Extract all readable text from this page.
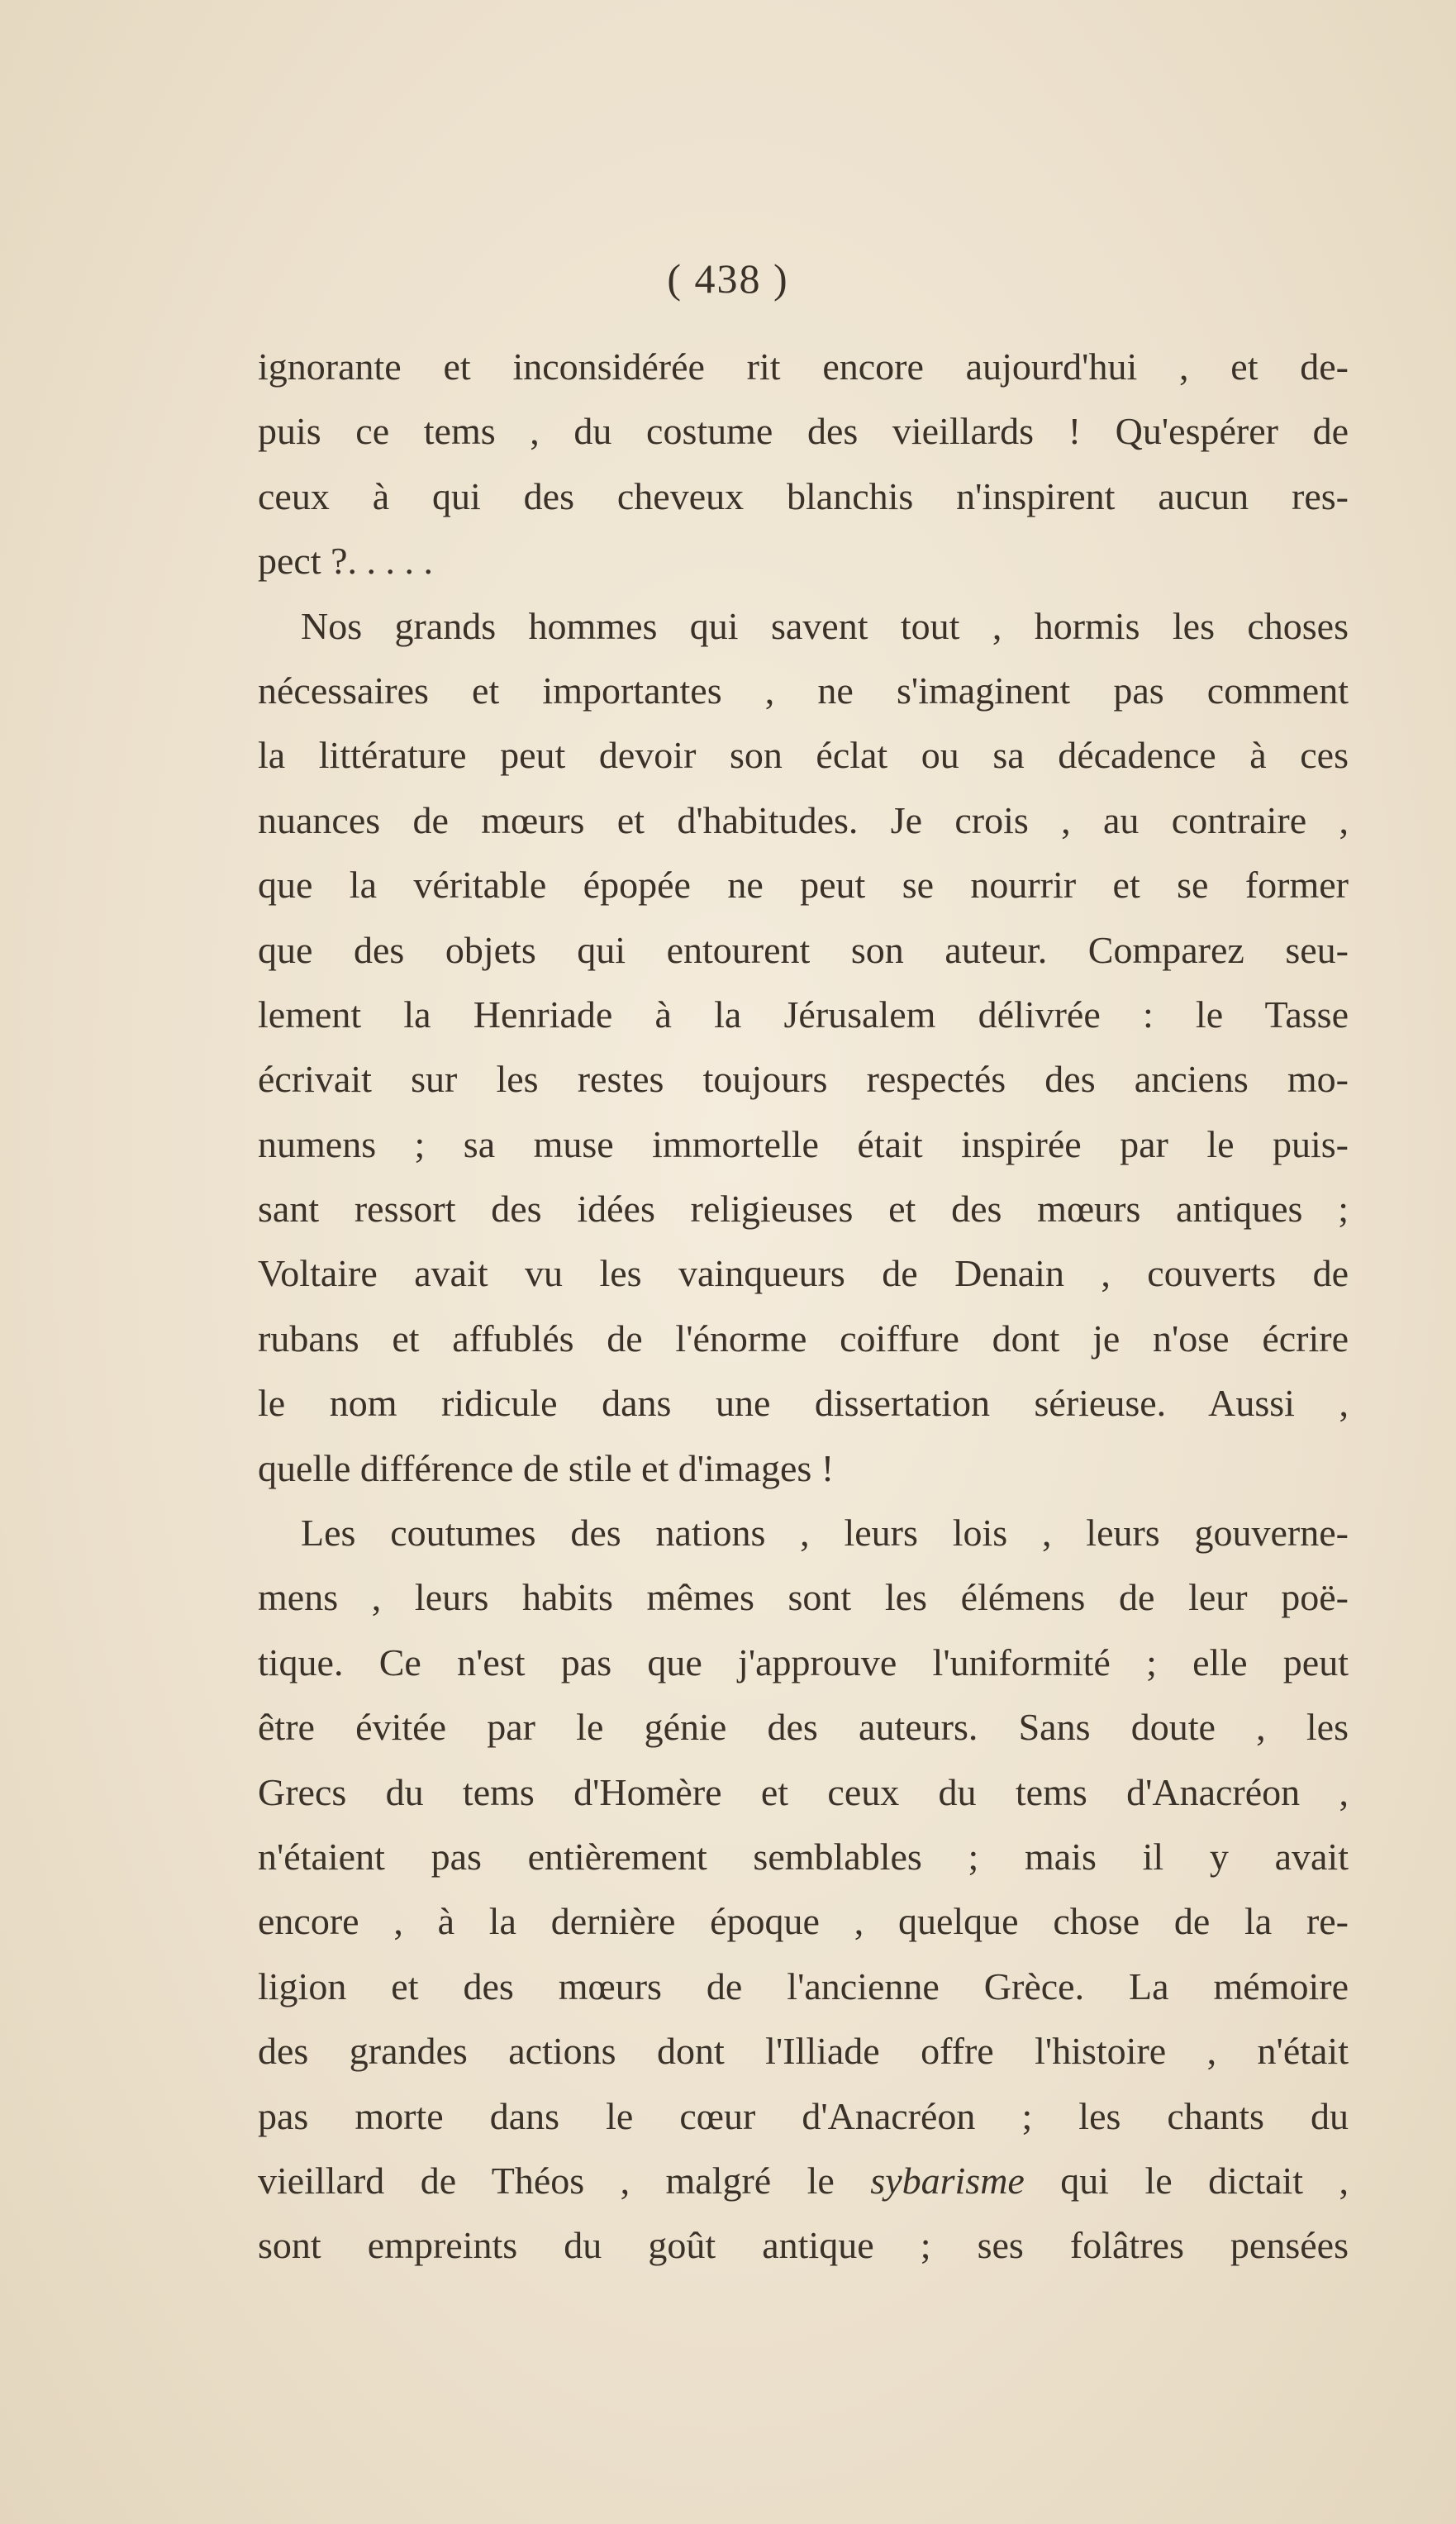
( 438 )
ignorante et inconsidérée rit encore aujourd'hui , et de-
puis ce tems , du costume des vieillards ! Qu'espérer de
ceux à qui des cheveux blanchis n'inspirent aucun res-
pect ?. . . . .
Nos grands hommes qui savent tout , hormis les choses
nécessaires et importantes , ne s'imaginent pas comment
la littérature peut devoir son éclat ou sa décadence à ces
nuances de mœurs et d'habitudes. Je crois , au contraire ,
que la véritable épopée ne peut se nourrir et se former
que des objets qui entourent son auteur. Comparez seu-
lement la Henriade à la Jérusalem délivrée : le Tasse
écrivait sur les restes toujours respectés des anciens mo-
numens ; sa muse immortelle était inspirée par le puis-
sant ressort des idées religieuses et des mœurs antiques ;
Voltaire avait vu les vainqueurs de Denain , couverts de
rubans et affublés de l'énorme coiffure dont je n'ose écrire
le nom ridicule dans une dissertation sérieuse. Aussi ,
quelle différence de stile et d'images !
Les coutumes des nations , leurs lois , leurs gouverne-
mens , leurs habits mêmes sont les élémens de leur poë-
tique. Ce n'est pas que j'approuve l'uniformité ; elle peut
être évitée par le génie des auteurs. Sans doute , les
Grecs du tems d'Homère et ceux du tems d'Anacréon ,
n'étaient pas entièrement semblables ; mais il y avait
encore , à la dernière époque , quelque chose de la re-
ligion et des mœurs de l'ancienne Grèce. La mémoire
des grandes actions dont l'Illiade offre l'histoire , n'était
pas morte dans le cœur d'Anacréon ; les chants du
vieillard de Théos , malgré le sybarisme qui le dictait ,
sont empreints du goût antique ; ses folâtres pensées
